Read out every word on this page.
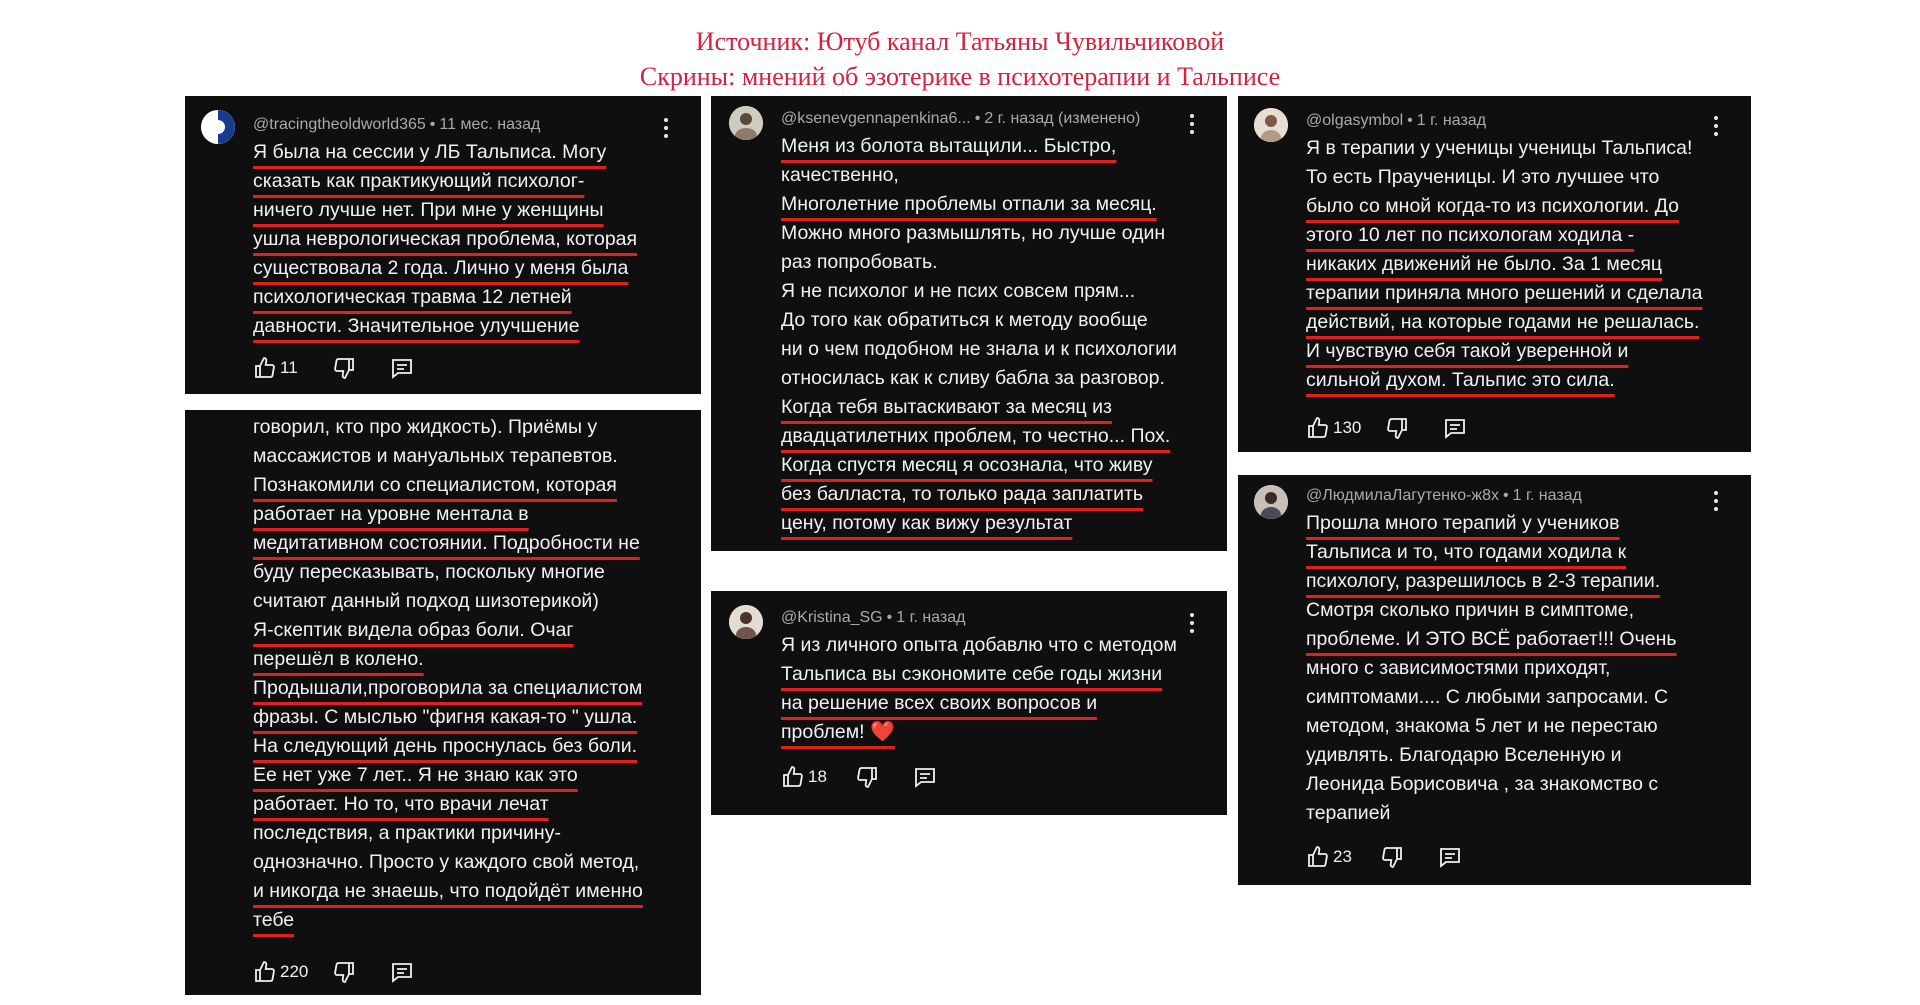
Источник: Ютуб канал Татьяны Чувильчиковой
Скрины: мнений об эзотерике в психотерапии и Тальписе
@tracingtheoldworld365 • 11 мес. назад
Я была на сессии у ЛБ Тальписа. Могу
сказать как практикующий психолог-
ничего лучше нет. При мне у женщины
ушла неврологическая проблема, которая
существовала 2 года. Лично у меня была
психологическая травма 12 летней
давности. Значительное улучшение
11
говорил, кто про жидкость). Приёмы у
массажистов и мануальных терапевтов.
Познакомили со специалистом, которая
работает на уровне ментала в
медитативном состоянии. Подробности не
буду пересказывать, поскольку многие
считают данный подход шизотерикой)
Я-скептик видела образ боли. Очаг
перешёл в колено.
Продышали,проговорила за специалистом
фразы. С мыслью "фигня какая-то " ушла.
На следующий день проснулась без боли.
Ее нет уже 7 лет.. Я не знаю как это
работает. Но то, что врачи лечат
последствия, а практики причину-
однозначно. Просто у каждого свой метод,
и никогда не знаешь, что подойдёт именно
тебе
220
@ksenevgennapenkina6... • 2 г. назад (изменено)
Меня из болота вытащили... Быстро,
качественно,
Многолетние проблемы отпали за месяц.
Можно много размышлять, но лучше один
раз попробовать.
Я не психолог и не псих совсем прям...
До того как обратиться к методу вообще
ни о чем подобном не знала и к психологии
относилась как к сливу бабла за разговор.
Когда тебя вытаскивают за месяц из
двадцатилетних проблем, то честно... Пох.
Когда спустя месяц я осознала, что живу
без балласта, то только рада заплатить
цену, потому как вижу результат
@Kristina_SG • 1 г. назад
Я из личного опыта добавлю что с методом
Тальписа вы сэкономите себе годы жизни
на решение всех своих вопросов и
проблем! ❤️
18
@olgasymbol • 1 г. назад
Я в терапии у ученицы ученицы Тальписа!
То есть Праученицы. И это лучшее что
было со мной когда-то из психологии. До
этого 10 лет по психологам ходила -
никаких движений не было. За 1 месяц
терапии приняла много решений и сделала
действий, на которые годами не решалась.
И чувствую себя такой уверенной и
сильной духом. Тальпис это сила.
130
@ЛюдмилаЛагутенко-ж8х • 1 г. назад
Прошла много терапий у учеников
Тальписа и то, что годами ходила к
психологу, разрешилось в 2-3 терапии.
Смотря сколько причин в симптоме,
проблеме. И ЭТО ВСЁ работает!!! Очень
много с зависимостями приходят,
симптомами.... С любыми запросами. С
методом, знакома 5 лет и не перестаю
удивлять. Благодарю Вселенную и
Леонида Борисовича , за знакомство с
терапией
23
